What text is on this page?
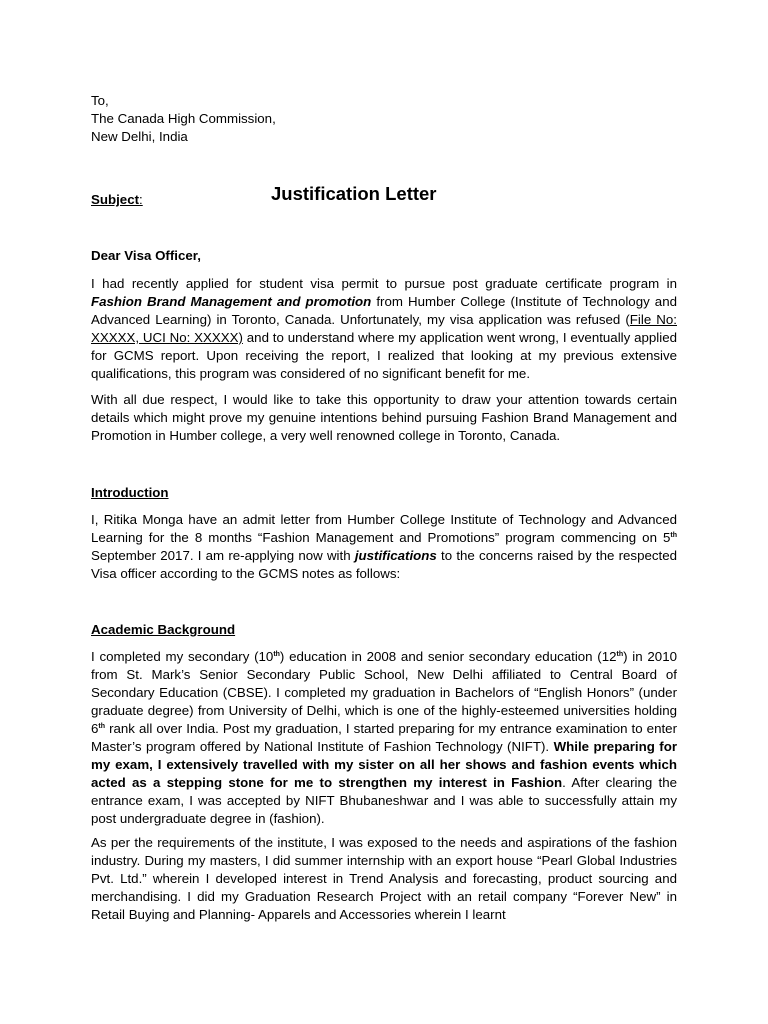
To,
The Canada High Commission,
New Delhi, India
Subject:	Justification Letter
Dear Visa Officer,

I had recently applied for student visa permit to pursue post graduate certificate program in Fashion Brand Management and promotion from Humber College (Institute of Technology and Advanced Learning) in Toronto, Canada. Unfortunately, my visa application was refused (File No: XXXXX, UCI No: XXXXX) and to understand where my application went wrong, I eventually applied for GCMS report. Upon receiving the report, I realized that looking at my previous extensive qualifications, this program was considered of no significant benefit for me.

With all due respect, I would like to take this opportunity to draw your attention towards certain details which might prove my genuine intentions behind pursuing Fashion Brand Management and Promotion in Humber college, a very well renowned college in Toronto, Canada.

Introduction

I, Ritika Monga have an admit letter from Humber College Institute of Technology and Advanced Learning for the 8 months “Fashion Management and Promotions” program commencing on 5th September 2017. I am re-applying now with justifications to the concerns raised by the respected Visa officer according to the GCMS notes as follows:

Academic Background

I completed my secondary (10th) education in 2008 and senior secondary education (12th) in 2010 from St. Mark’s Senior Secondary Public School, New Delhi affiliated to Central Board of Secondary Education (CBSE). I completed my graduation in Bachelors of “English Honors” (under graduate degree) from University of Delhi, which is one of the highly-esteemed universities holding 6th rank all over India. Post my graduation, I started preparing for my entrance examination to enter Master’s program offered by National Institute of Fashion Technology (NIFT). While preparing for my exam, I extensively travelled with my sister on all her shows and fashion events which acted as a stepping stone for me to strengthen my interest in Fashion. After clearing the entrance exam, I was accepted by NIFT Bhubaneshwar and I was able to successfully attain my post undergraduate degree in (fashion).

As per the requirements of the institute, I was exposed to the needs and aspirations of the fashion industry. During my masters, I did summer internship with an export house “Pearl Global Industries Pvt. Ltd.” wherein I developed interest in Trend Analysis and forecasting, product sourcing and merchandising. I did my Graduation Research Project with an retail company “Forever New” in Retail Buying and Planning- Apparels and Accessories wherein I learnt
